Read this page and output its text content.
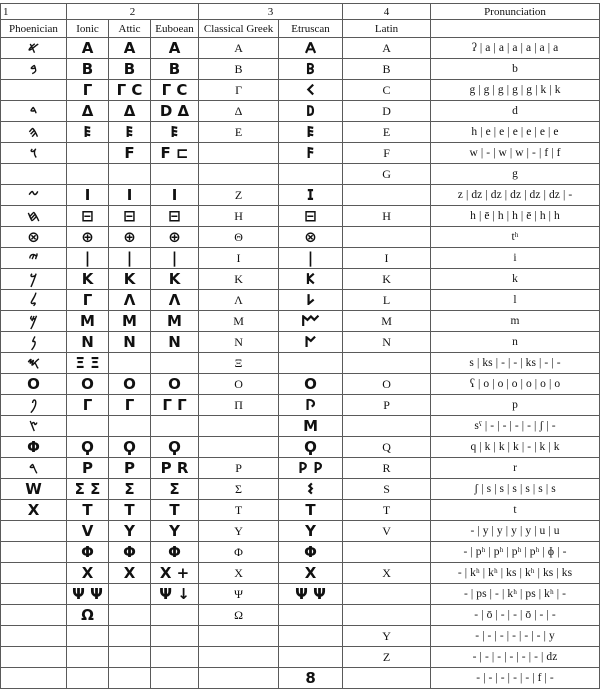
1	2			3		4	Pronunciation
Phoenician	Ionic	Attic	Euboean	Classical Greek	Etruscan	Latin	
𐤀	Α	Α	Α	Α	𐌀	A	ʔ | a | a | a | a | a | a
𐤁	Β	Β	Β	Β	𐌁	B	b
	Γ	Γ C	Γ C	Γ	𐌂	C	g | g | g | g | g | k | k
𐤃	Δ	Δ	D Δ	Δ	𐌃	D	d
𐤄	𐌄	𐌄	𐌄	Ε	𐌄	E	h | e | e | e | e | e | e
𐤅		Ϝ	Ϝ ⊏		𐌅	F	w | - | w | w | - | f | f
						G	g
𐤆	Ι	Ι	Ι	Ζ	𐌆		z | dz | dz | dz | dz | dz | -
𐤇	⊟	⊟	⊟	Η	⊟	H	h | ē | h | h | ē | h | h
⊗	⊕	⊕	⊕	Θ	⊗		tʰ
𐤉	|	|	|	Ι	|	I	i
𐤊	K	K	K	Κ	𐌊	K	k
𐤋	Γ	Λ	Λ	Λ	𐌋	L	l
𐤌	Μ	Μ	Μ	Μ	𐌌	M	m
𐤍	Ν	Ν	Ν	Ν	𐌍	N	n
𐤎	Ξ Ξ			Ξ			s | ks | - | - | ks | - | -
O	O	O	O	Ο	O	O	ʕ | o | o | o | o | o | o
𐤐	Γ	Γ	Γ Γ	Π	𐌐	P	p
𐤑					M		sˤ | - | - | - | - | ʃ | -
Φ	Ϙ	Ϙ	Ϙ		Ϙ	Q	q | k | k | k | - | k | k
𐤓	Ρ	Ρ	Ρ R	Ρ	𐌓 𐌓	R	r
W	Σ Σ	Σ	Σ	Σ	𐌔	S	ʃ | s | s | s | s | s | s
X	Τ	Τ	Τ	Τ	Τ	T	t
	V	Y	Y	Υ	Y	V	- | y | y | y | y | u | u
	Φ	Φ	Φ	Φ	Φ		- | pʰ | pʰ | pʰ | pʰ | ɸ | -
	X	X	X +	Χ	X	X	- | kʰ | kʰ | ks | kʰ | ks | ks
	Ψ Ψ		Ψ ↓	Ψ	Ψ Ψ		- | ps | - | kʰ | ps | kʰ | -
	Ω			Ω			- | ō | - | - | ō | - | -
						Y	- | - | - | - | - | - | y
						Z	- | - | - | - | - | - | dz
					8		- | - | - | - | - | f | -
